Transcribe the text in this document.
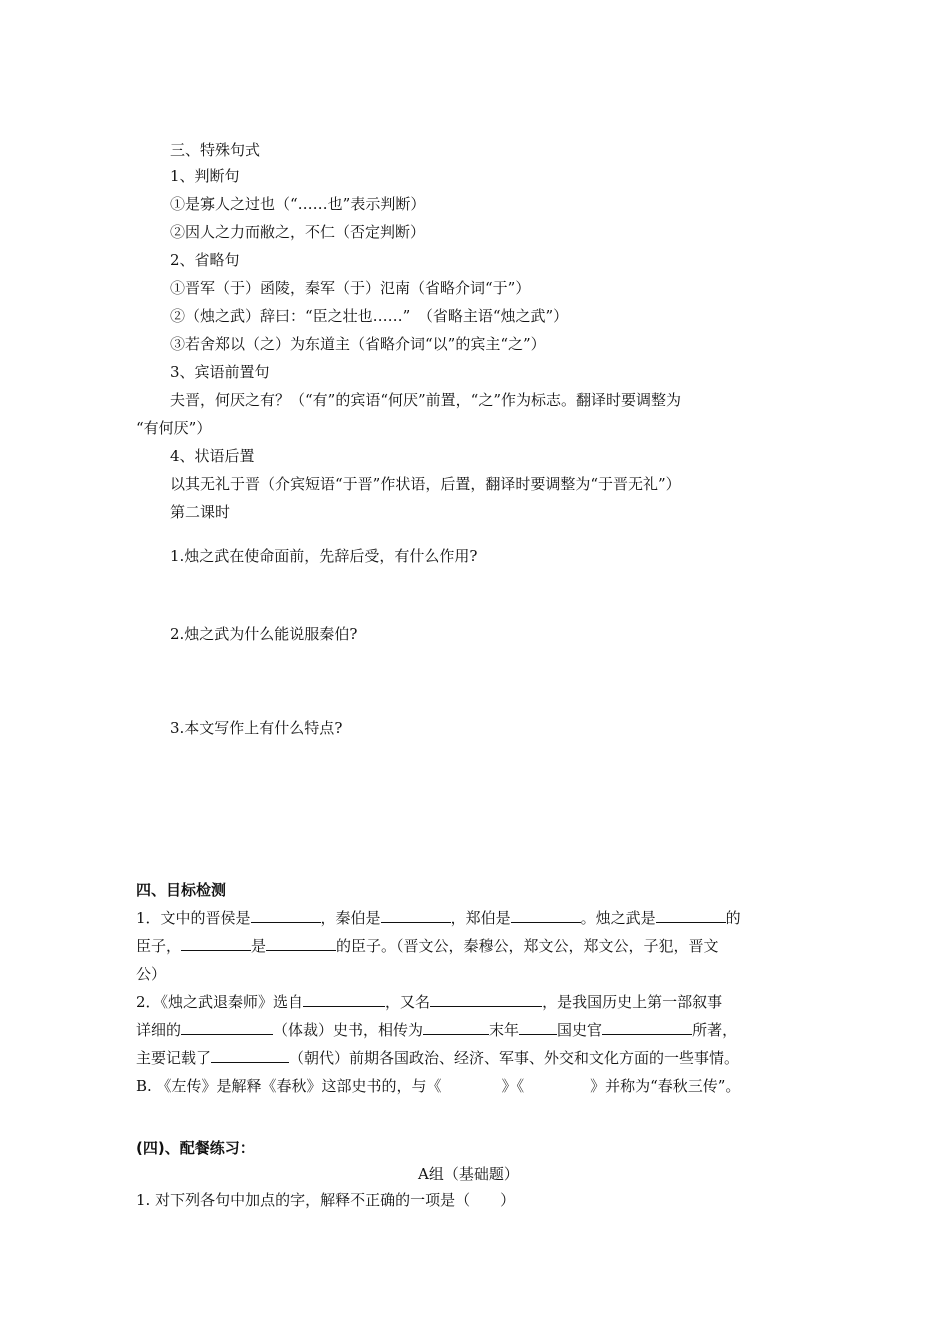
三、特殊句式
1、判断句
①是寡人之过也（“……也”表示判断）
②因人之力而敝之，不仁（否定判断）
2、省略句
①晋军（于）函陵，秦军（于）氾南（省略介词“于”）
②（烛之武）辞曰：“臣之壮也……”　（省略主语“烛之武”）
③若舍郑以（之）为东道主（省略介词“以”的宾主“之”）
3、宾语前置句
夫晋，何厌之有？（“有”的宾语“何厌”前置，“之”作为标志。翻译时要调整为
“有何厌”）
4、状语后置
以其无礼于晋（介宾短语“于晋”作状语，后置，翻译时要调整为“于晋无礼”）
第二课时
1.烛之武在使命面前，先辞后受，有什么作用?
2.烛之武为什么能说服秦伯?
3.本文写作上有什么特点?
四、目标检测
1．文中的晋侯是	，秦伯是	，郑伯是	。烛之武是	的
臣子，	是	的臣子。（晋文公，秦穆公，郑文公，郑文公，子犯，晋文
公）
2．《烛之武退秦师》选自	，又名	，是我国历史上第一部叙事
详细的	（体裁）史书，相传为	末年	国史官	所著，
主要记载了	（朝代）前期各国政治、经济、军事、外交和文化方面的一些事情。
B. 《左传》是解释《春秋》这部史书的，与《	》《	》并称为“春秋三传”。
(四)、配餐练习：
A组（基础题）
1. 对下列各句中加点的字，解释不正确的一项是（　　）
